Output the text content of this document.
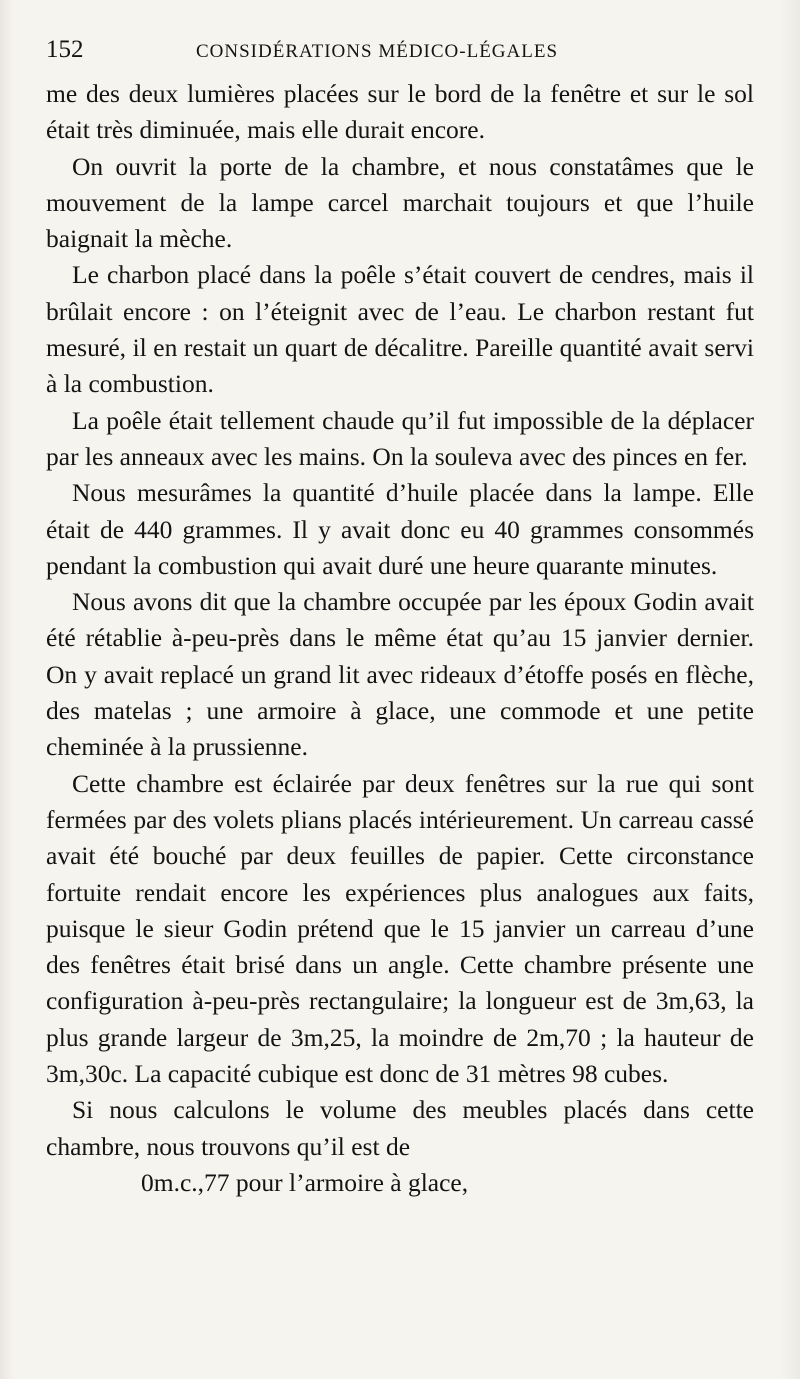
152	CONSIDÉRATIONS MÉDICO-LÉGALES

me des deux lumières placées sur le bord de la fenêtre et sur le sol était très diminuée, mais elle durait encore.

On ouvrit la porte de la chambre, et nous constatâmes que le mouvement de la lampe carcel marchait toujours et que l’huile baignait la mèche.

Le charbon placé dans la poêle s’était couvert de cendres, mais il brûlait encore : on l’éteignit avec de l’eau. Le charbon restant fut mesuré, il en restait un quart de décalitre. Pareille quantité avait servi à la combustion.

La poêle était tellement chaude qu’il fut impossible de la déplacer par les anneaux avec les mains. On la souleva avec des pinces en fer.

Nous mesurâmes la quantité d’huile placée dans la lampe. Elle était de 440 grammes. Il y avait donc eu 40 grammes consommés pendant la combustion qui avait duré une heure quarante minutes.

Nous avons dit que la chambre occupée par les époux Godin avait été rétablie à-peu-près dans le même état qu’au 15 janvier dernier. On y avait replacé un grand lit avec rideaux d’étoffe posés en flèche, des matelas ; une armoire à glace, une commode et une petite cheminée à la prussienne.

Cette chambre est éclairée par deux fenêtres sur la rue qui sont fermées par des volets plians placés intérieurement. Un carreau cassé avait été bouché par deux feuilles de papier. Cette circonstance fortuite rendait encore les expériences plus analogues aux faits, puisque le sieur Godin prétend que le 15 janvier un carreau d’une des fenêtres était brisé dans un angle. Cette chambre présente une configuration à-peu-près rectangulaire; la longueur est de 3m,63, la plus grande largeur de 3m,25, la moindre de 2m,70 ; la hauteur de 3m,30c. La capacité cubique est donc de 31 mètres 98 cubes.

Si nous calculons le volume des meubles placés dans cette chambre, nous trouvons qu’il est de

0m.c.,77 pour l’armoire à glace,
